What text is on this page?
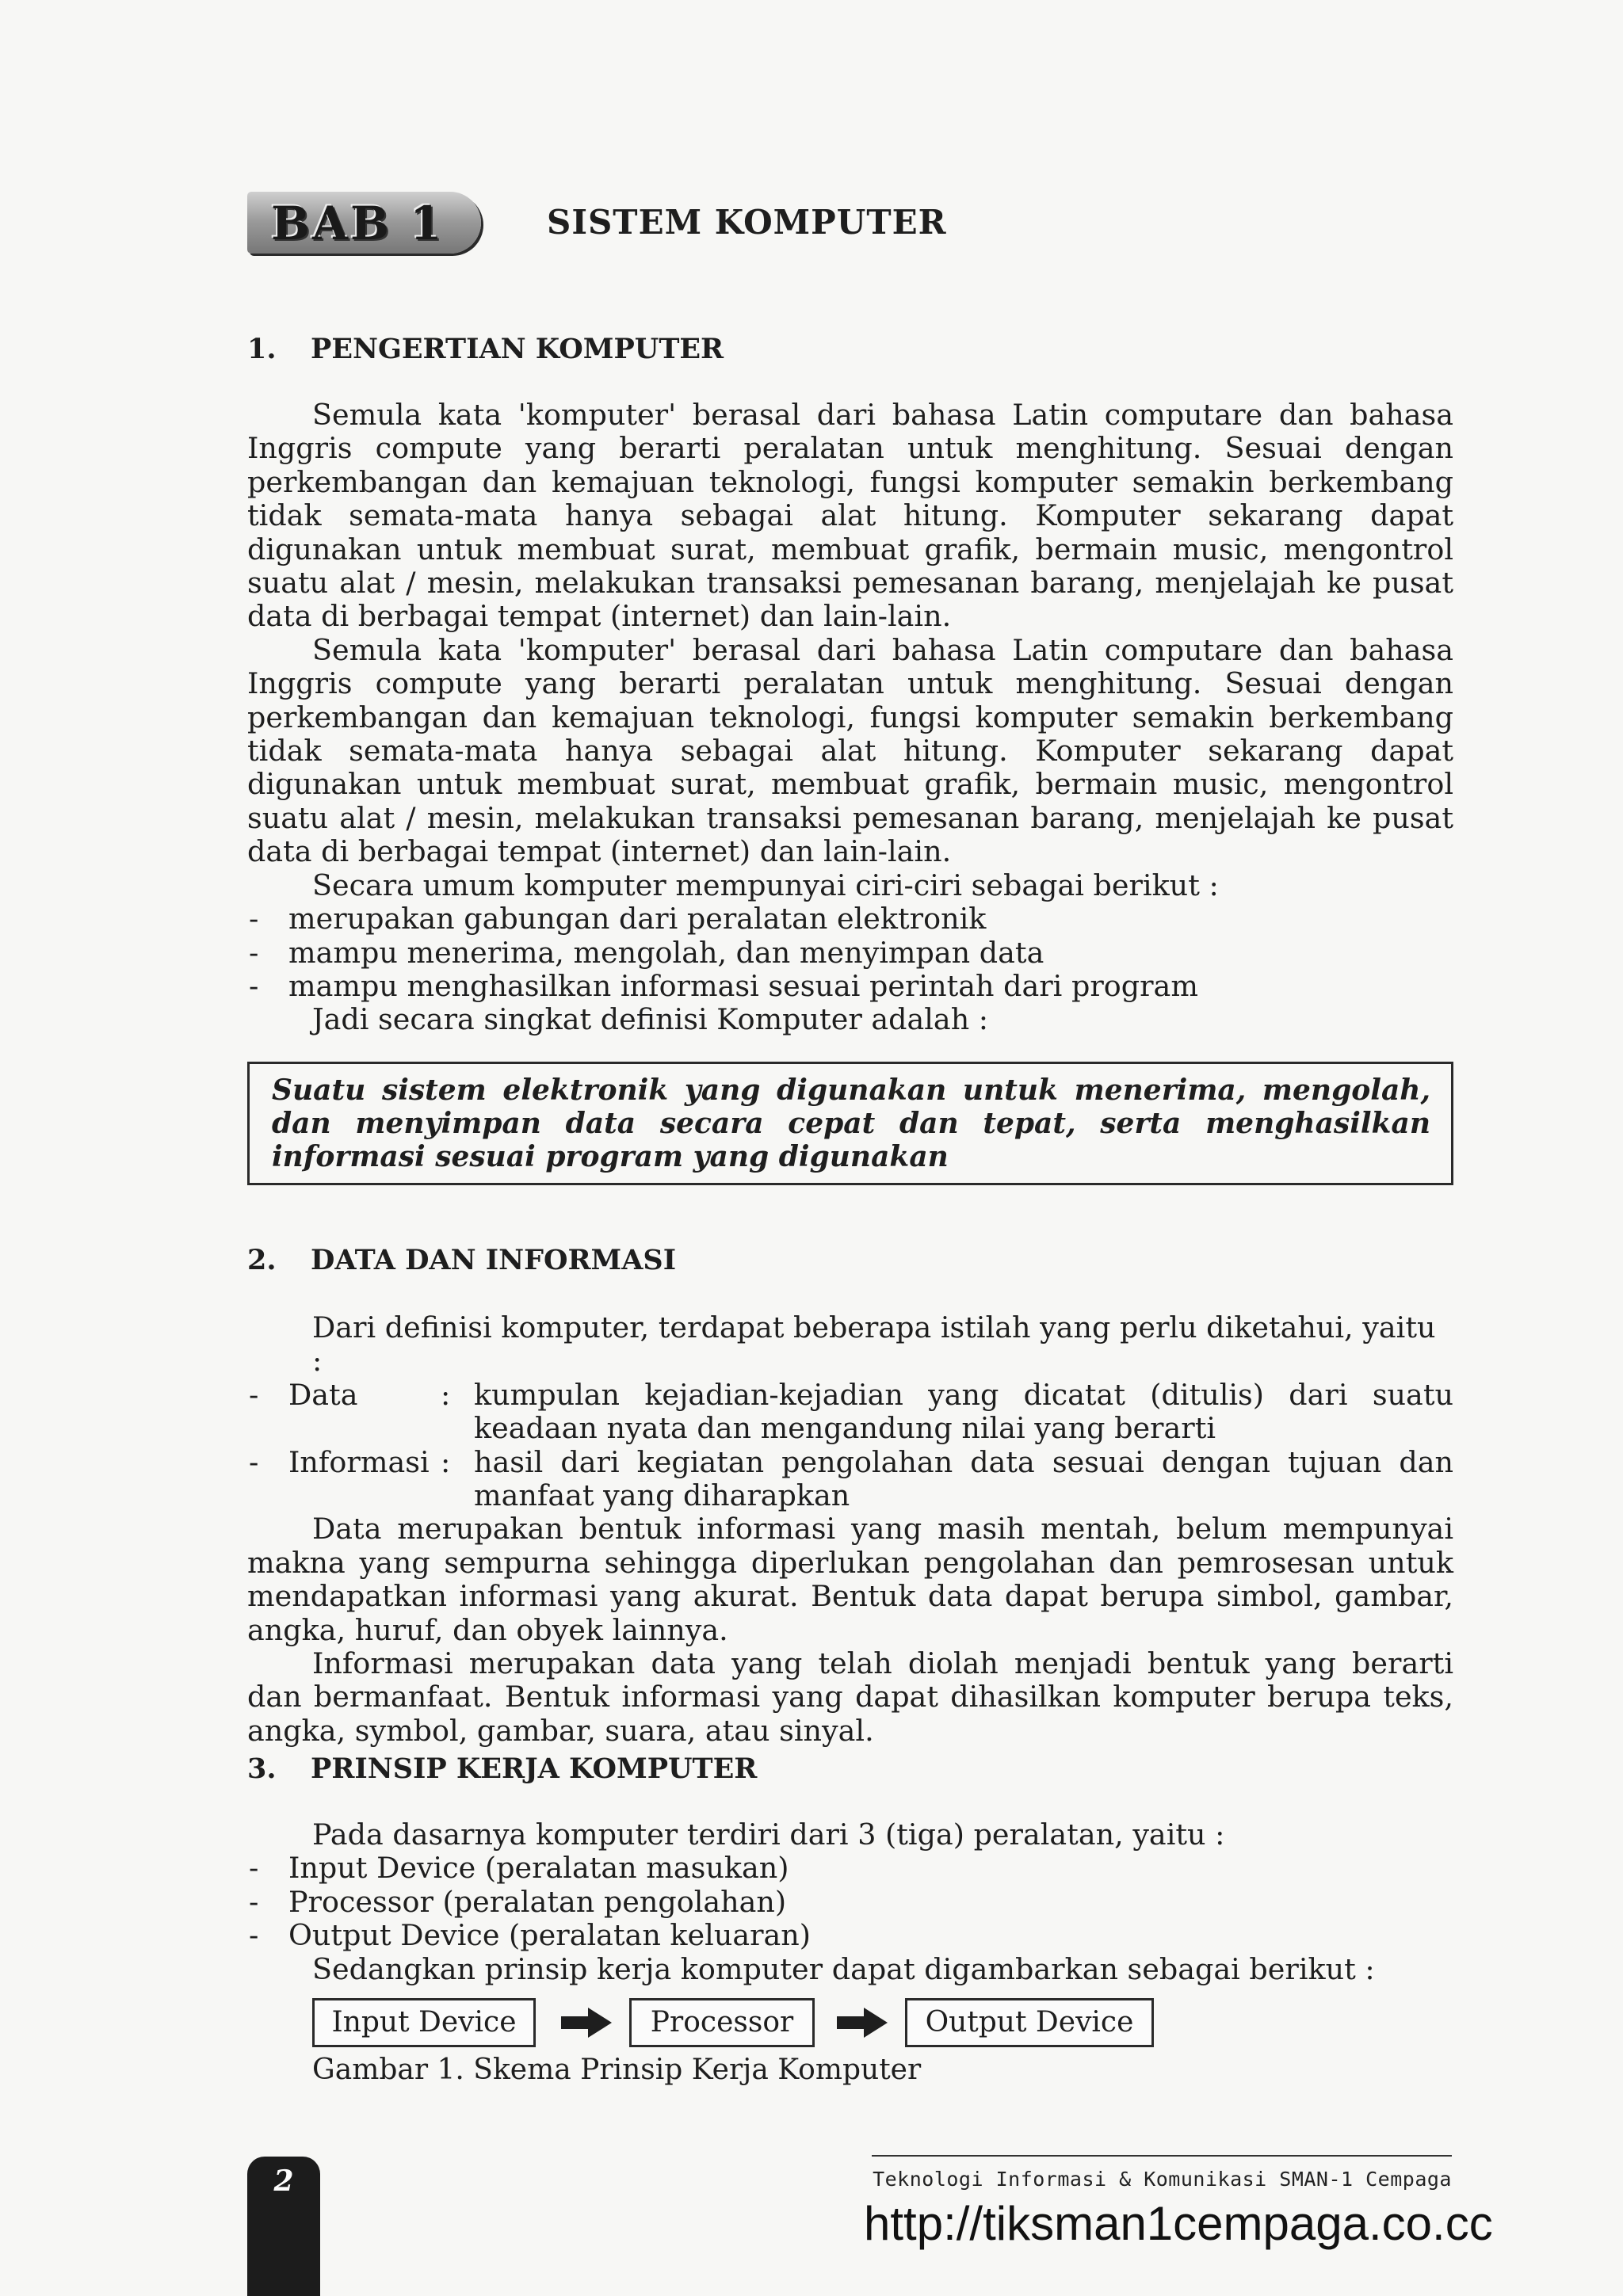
BAB 1	SISTEM KOMPUTER
1. PENGERTIAN KOMPUTER

Semula kata 'komputer' berasal dari bahasa Latin computare dan bahasa Inggris compute yang berarti peralatan untuk menghitung. Sesuai dengan perkembangan dan kemajuan teknologi, fungsi komputer semakin berkembang tidak semata-mata hanya sebagai alat hitung. Komputer sekarang dapat digunakan untuk membuat surat, membuat grafik, bermain music, mengontrol suatu alat / mesin, melakukan transaksi pemesanan barang, menjelajah ke pusat data di berbagai tempat (internet) dan lain-lain.

Semula kata 'komputer' berasal dari bahasa Latin computare dan bahasa Inggris compute yang berarti peralatan untuk menghitung. Sesuai dengan perkembangan dan kemajuan teknologi, fungsi komputer semakin berkembang tidak semata-mata hanya sebagai alat hitung. Komputer sekarang dapat digunakan untuk membuat surat, membuat grafik, bermain music, mengontrol suatu alat / mesin, melakukan transaksi pemesanan barang, menjelajah ke pusat data di berbagai tempat (internet) dan lain-lain.

Secara umum komputer mempunyai ciri-ciri sebagai berikut :

- merupakan gabungan dari peralatan elektronik

- mampu menerima, mengolah, dan menyimpan data

- mampu menghasilkan informasi sesuai perintah dari program

Jadi secara singkat definisi Komputer adalah :

Suatu sistem elektronik yang digunakan untuk menerima, mengolah, dan menyimpan data secara cepat dan tepat, serta menghasilkan informasi sesuai program yang digunakan
2. DATA DAN INFORMASI

Dari definisi komputer, terdapat beberapa istilah yang perlu diketahui, yaitu :

- Data	: kumpulan kejadian-kejadian yang dicatat (ditulis) dari suatu keadaan nyata dan mengandung nilai yang berarti
- Informasi : hasil dari kegiatan pengolahan data sesuai dengan tujuan dan manfaat yang diharapkan

Data merupakan bentuk informasi yang masih mentah, belum mempunyai makna yang sempurna sehingga diperlukan pengolahan dan pemrosesan untuk mendapatkan informasi yang akurat. Bentuk data dapat berupa simbol, gambar, angka, huruf, dan obyek lainnya.

Informasi merupakan data yang telah diolah menjadi bentuk yang berarti dan bermanfaat. Bentuk informasi yang dapat dihasilkan komputer berupa teks, angka, symbol, gambar, suara, atau sinyal.

3. PRINSIP KERJA KOMPUTER

Pada dasarnya komputer terdiri dari 3 (tiga) peralatan, yaitu :

- Input Device (peralatan masukan)

- Processor (peralatan pengolahan)

- Output Device (peralatan keluaran)

Sedangkan prinsip kerja komputer dapat digambarkan sebagai berikut :

Input Device	Processor	Output Device
Gambar 1. Skema Prinsip Kerja Komputer
2	Teknologi Informasi & Komunikasi SMAN-1 Cempaga
http://tiksman1cempaga.co.cc
